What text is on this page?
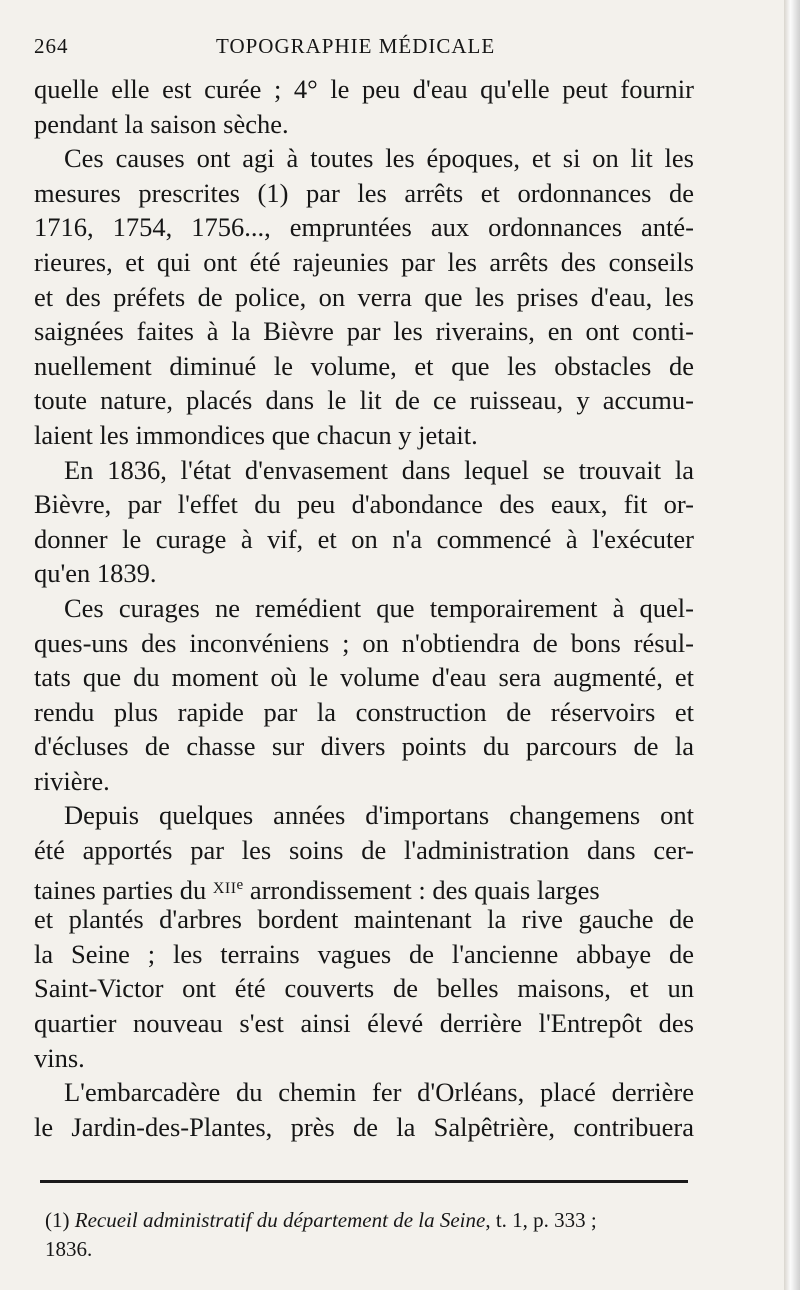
264	TOPOGRAPHIE MÉDICALE
quelle elle est curée ; 4° le peu d'eau qu'elle peut fournir
pendant la saison sèche.
Ces causes ont agi à toutes les époques, et si on lit les
mesures prescrites (1) par les arrêts et ordonnances de
1716, 1754, 1756..., empruntées aux ordonnances anté-
rieures, et qui ont été rajeunies par les arrêts des conseils
et des préfets de police, on verra que les prises d'eau, les
saignées faites à la Bièvre par les riverains, en ont conti-
nuellement diminué le volume, et que les obstacles de
toute nature, placés dans le lit de ce ruisseau, y accumu-
laient les immondices que chacun y jetait.
En 1836, l'état d'envasement dans lequel se trouvait la
Bièvre, par l'effet du peu d'abondance des eaux, fit or-
donner le curage à vif, et on n'a commencé à l'exécuter
qu'en 1839.
Ces curages ne remédient que temporairement à quel-
ques-uns des inconvéniens ; on n'obtiendra de bons résul-
tats que du moment où le volume d'eau sera augmenté, et
rendu plus rapide par la construction de réservoirs et
d'écluses de chasse sur divers points du parcours de la
rivière.
Depuis quelques années d'importans changemens ont
été apportés par les soins de l'administration dans cer-
taines parties du $^{XIIe}$ arrondissement : des quais larges
et plantés d'arbres bordent maintenant la rive gauche de
la Seine ; les terrains vagues de l'ancienne abbaye de
Saint-Victor ont été couverts de belles maisons, et un
quartier nouveau s'est ainsi élevé derrière l'Entrepôt des
vins.
L'embarcadère du chemin fer d'Orléans, placé derrière
le Jardin-des-Plantes, près de la Salpêtrière, contribuera
(1) Recueil administratif du département de la Seine, t. 1, p. 333 ;
1836.
